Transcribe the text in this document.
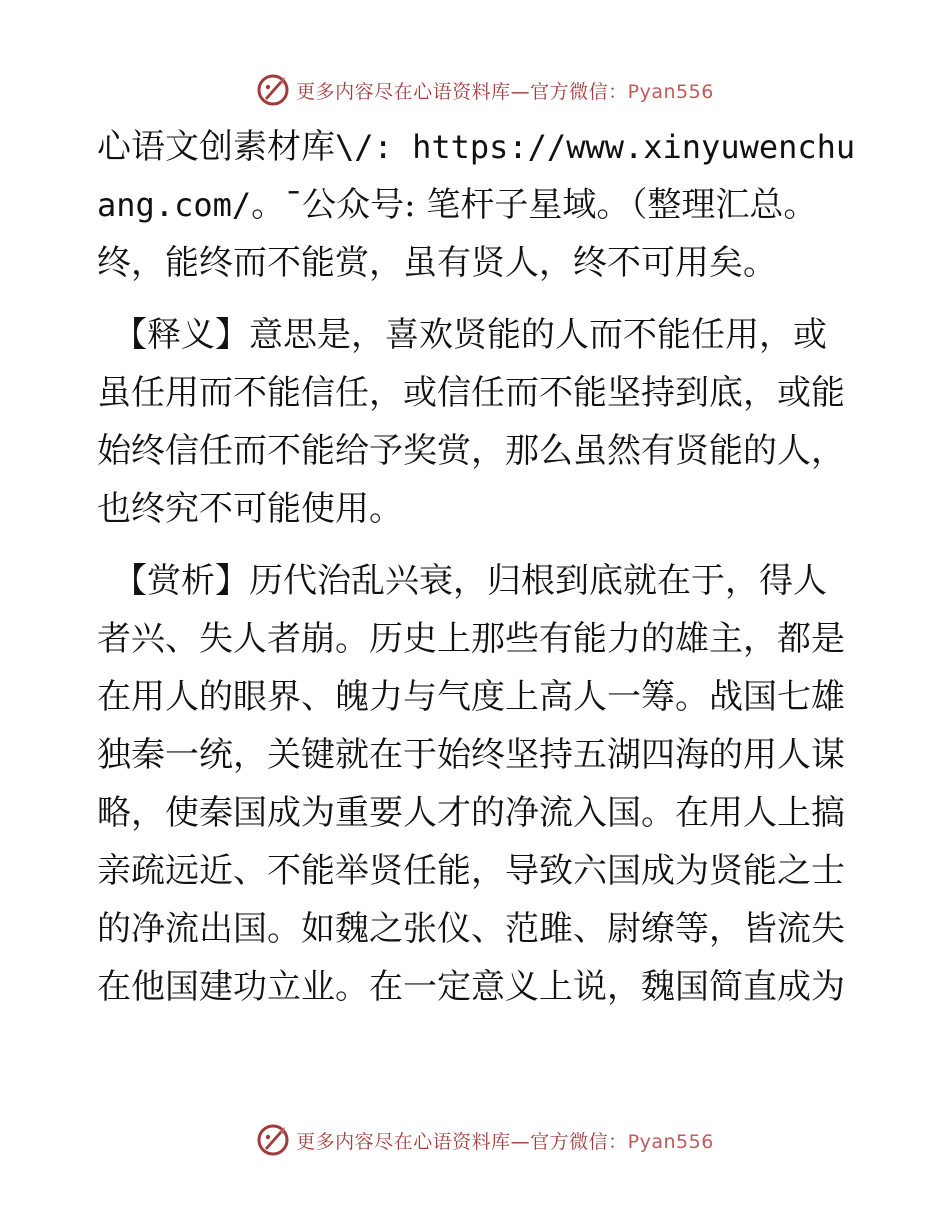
更多内容尽在心语资料库—官方微信：Pyan556

心语文创素材库\/: https://www.xinyuwenchuang.com/。¯公众号: 笔杆子星域。（整理汇总。终，能终而不能赏，虽有贤人，终不可用矣。

【释义】意思是，喜欢贤能的人而不能任用，或虽任用而不能信任，或信任而不能坚持到底，或能始终信任而不能给予奖赏，那么虽然有贤能的人，也终究不可能使用。

【赏析】历代治乱兴衰，归根到底就在于，得人者兴、失人者崩。历史上那些有能力的雄主，都是在用人的眼界、魄力与气度上高人一筹。战国七雄独秦一统，关键就在于始终坚持五湖四海的用人谋略，使秦国成为重要人才的净流入国。在用人上搞亲疏远近、不能举贤任能，导致六国成为贤能之士的净流出国。如魏之张仪、范雎、尉缭等，皆流失在他国建功立业。在一定意义上说，魏国简直成为

更多内容尽在心语资料库—官方微信：Pyan556
